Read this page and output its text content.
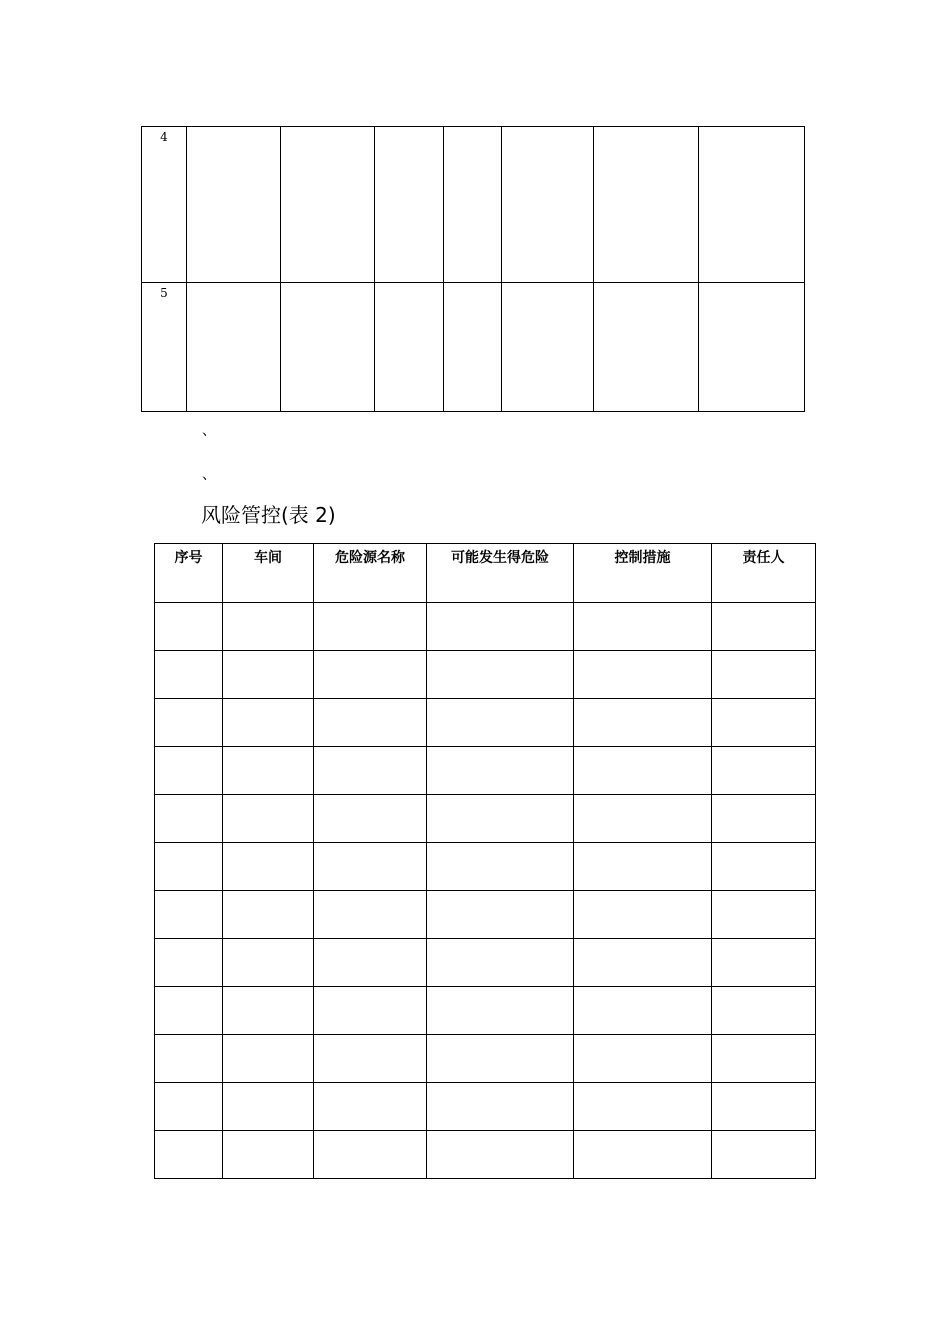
4							
5							
、
、
风险管控(表 2)
序号	车间	危险源名称	可能发生得危险	控制措施	责任人
